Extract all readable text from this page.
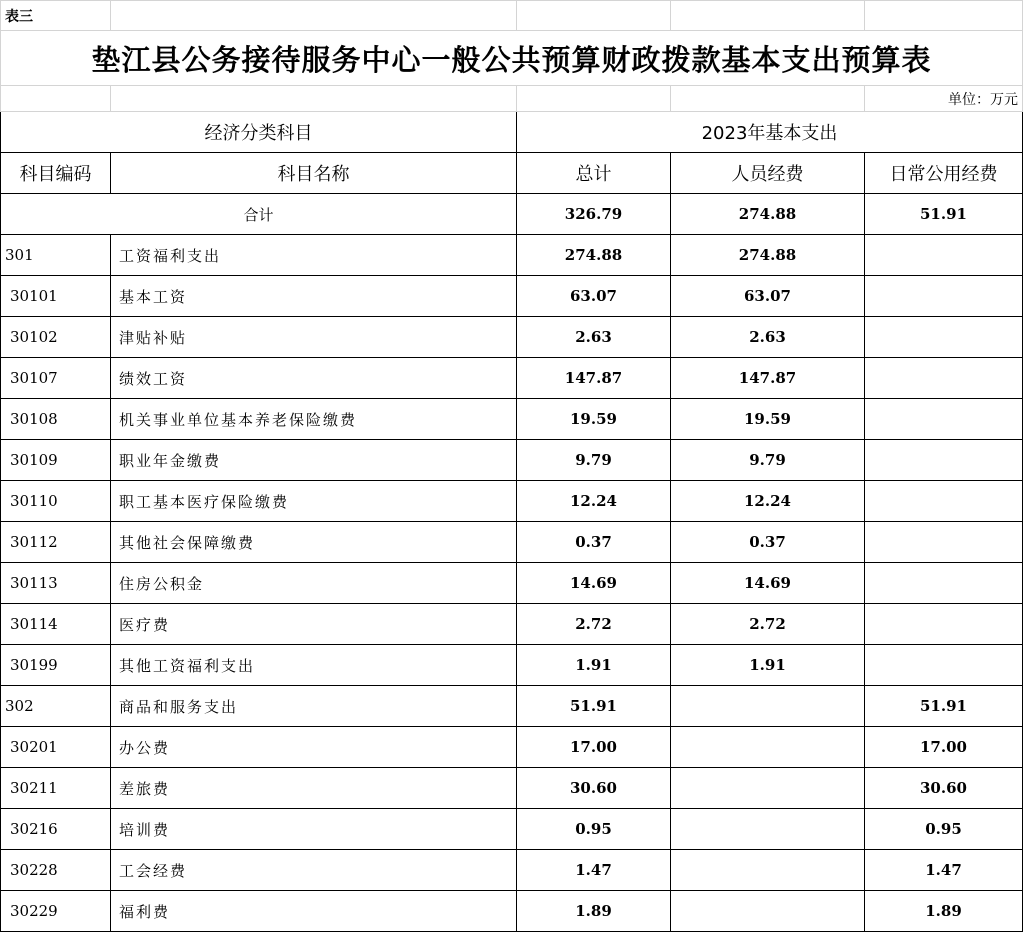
表三				
垫江县公务接待服务中心一般公共预算财政拨款基本支出预算表				
				单位：万元
经济分类科目		2023年基本支出		
科目编码	科目名称	总计	人员经费	日常公用经费
合计		326.79	274.88	51.91
301	工资福利支出	274.88	274.88	
30101	基本工资	63.07	63.07	
30102	津贴补贴	2.63	2.63	
30107	绩效工资	147.87	147.87	
30108	机关事业单位基本养老保险缴费	19.59	19.59	
30109	职业年金缴费	9.79	9.79	
30110	职工基本医疗保险缴费	12.24	12.24	
30112	其他社会保障缴费	0.37	0.37	
30113	住房公积金	14.69	14.69	
30114	医疗费	2.72	2.72	
30199	其他工资福利支出	1.91	1.91	
302	商品和服务支出	51.91		51.91
30201	办公费	17.00		17.00
30211	差旅费	30.60		30.60
30216	培训费	0.95		0.95
30228	工会经费	1.47		1.47
30229	福利费	1.89		1.89
